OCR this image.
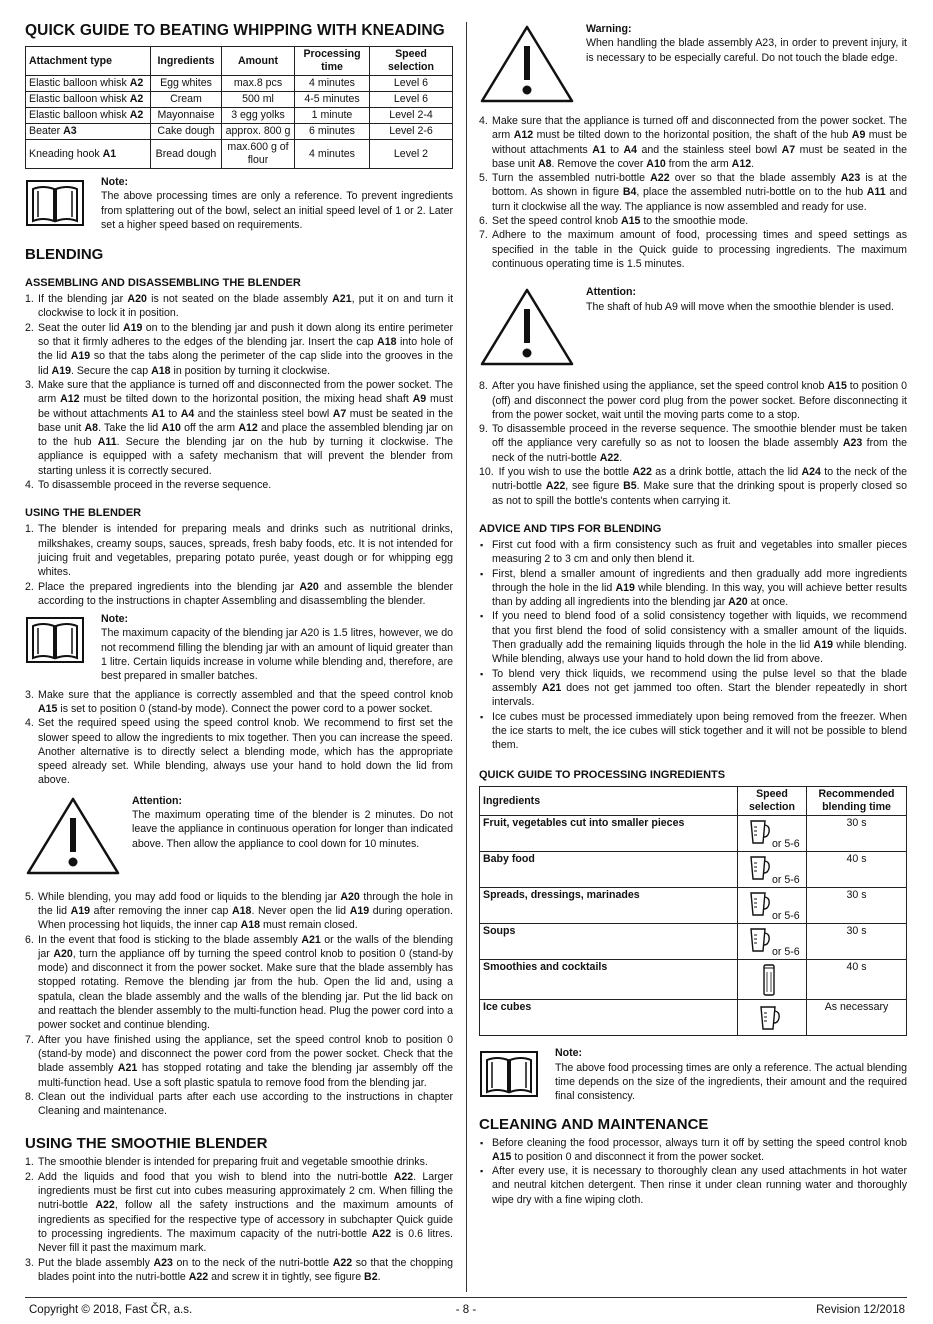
QUICK GUIDE TO BEATING WHIPPING WITH KNEADING
Attachment type	Ingredients	Amount	Processing time	Speed selection
Elastic balloon whisk A2	Egg whites	max.8 pcs	4 minutes	Level 6
Elastic balloon whisk A2	Cream	500 ml	4-5 minutes	Level 6
Elastic balloon whisk A2	Mayonnaise	3 egg yolks	1 minute	Level 2-4
Beater A3	Cake dough	approx. 800 g	6 minutes	Level 2-6
Kneading hook A1	Bread dough	max.600 g of flour	4 minutes	Level 2
Note:
The above processing times are only a reference. To prevent ingredients from splattering out of the bowl, select an initial speed level of 1 or 2. Later set a higher speed based on requirements.
BLENDING
ASSEMBLING AND DISASSEMBLING THE BLENDER
1. If the blending jar A20 is not seated on the blade assembly A21, put it on and turn it clockwise to lock it in position.
2. Seat the outer lid A19 on to the blending jar and push it down along its entire perimeter so that it firmly adheres to the edges of the blending jar. Insert the cap A18 into hole of the lid A19 so that the tabs along the perimeter of the cap slide into the grooves in the lid A19. Secure the cap A18 in position by turning it clockwise.
3. Make sure that the appliance is turned off and disconnected from the power socket. The arm A12 must be tilted down to the horizontal position, the mixing head shaft A9 must be without attachments A1 to A4 and the stainless steel bowl A7 must be seated in the base unit A8. Take the lid A10 off the arm A12 and place the assembled blending jar on to the hub A11. Secure the blending jar on the hub by turning it clockwise. The appliance is equipped with a safety mechanism that will prevent the blender from starting unless it is correctly secured.
4. To disassemble proceed in the reverse sequence.
USING THE BLENDER
1. The blender is intended for preparing meals and drinks such as nutritional drinks, milkshakes, creamy soups, sauces, spreads, fresh baby foods, etc. It is not intended for juicing fruit and vegetables, preparing potato purée, yeast dough or for whipping egg whites.
2. Place the prepared ingredients into the blending jar A20 and assemble the blender according to the instructions in chapter Assembling and disassembling the blender.
Note:
The maximum capacity of the blending jar A20 is 1.5 litres, however, we do not recommend filling the blending jar with an amount of liquid greater than 1 litre. Certain liquids increase in volume while blending and, therefore, are best prepared in smaller batches.
3. Make sure that the appliance is correctly assembled and that the speed control knob A15 is set to position 0 (stand-by mode). Connect the power cord to a power socket.
4. Set the required speed using the speed control knob. We recommend to first set the slower speed to allow the ingredients to mix together. Then you can increase the speed. Another alternative is to directly select a blending mode, which has the appropriate speed already set. While blending, always use your hand to hold down the lid from above.
Attention:
The maximum operating time of the blender is 2 minutes. Do not leave the appliance in continuous operation for longer than indicated above. Then allow the appliance to cool down for 10 minutes.
5. While blending, you may add food or liquids to the blending jar A20 through the hole in the lid A19 after removing the inner cap A18. Never open the lid A19 during operation. When processing hot liquids, the inner cap A18 must remain closed.
6. In the event that food is sticking to the blade assembly A21 or the walls of the blending jar A20, turn the appliance off by turning the speed control knob to position 0 (stand-by mode) and disconnect it from the power socket. Make sure that the blade assembly has stopped rotating. Remove the blending jar from the hub. Open the lid and, using a spatula, clean the blade assembly and the walls of the blending jar. Put the lid back on and reattach the blender assembly to the multi-function head. Plug the power cord into a power socket and continue blending.
7. After you have finished using the appliance, set the speed control knob to position 0 (stand-by mode) and disconnect the power cord from the power socket. Check that the blade assembly A21 has stopped rotating and take the blending jar assembly off the multi-function head. Use a soft plastic spatula to remove food from the blending jar.
8. Clean out the individual parts after each use according to the instructions in chapter Cleaning and maintenance.
USING THE SMOOTHIE BLENDER
1. The smoothie blender is intended for preparing fruit and vegetable smoothie drinks.
2. Add the liquids and food that you wish to blend into the nutri-bottle A22. Larger ingredients must be first cut into cubes measuring approximately 2 cm. When filling the nutri-bottle A22, follow all the safety instructions and the maximum amounts of ingredients as specified for the respective type of accessory in subchapter Quick guide to processing ingredients. The maximum capacity of the nutri-bottle A22 is 0.6 litres. Never fill it past the maximum mark.
3. Put the blade assembly A23 on to the neck of the nutri-bottle A22 so that the chopping blades point into the nutri-bottle A22 and screw it in tightly, see figure B2.
Warning:
When handling the blade assembly A23, in order to prevent injury, it is necessary to be especially careful. Do not touch the blade edge.
4. Make sure that the appliance is turned off and disconnected from the power socket. The arm A12 must be tilted down to the horizontal position, the shaft of the hub A9 must be without attachments A1 to A4 and the stainless steel bowl A7 must be seated in the base unit A8. Remove the cover A10 from the arm A12.
5. Turn the assembled nutri-bottle A22 over so that the blade assembly A23 is at the bottom. As shown in figure B4, place the assembled nutri-bottle on to the hub A11 and turn it clockwise all the way. The appliance is now assembled and ready for use.
6. Set the speed control knob A15 to the smoothie mode.
7. Adhere to the maximum amount of food, processing times and speed settings as specified in the table in the Quick guide to processing ingredients. The maximum continuous operating time is 1.5 minutes.
Attention:
The shaft of hub A9 will move when the smoothie blender is used.
8. After you have finished using the appliance, set the speed control knob A15 to position 0 (off) and disconnect the power cord plug from the power socket. Before disconnecting it from the power socket, wait until the moving parts come to a stop.
9. To disassemble proceed in the reverse sequence. The smoothie blender must be taken off the appliance very carefully so as not to loosen the blade assembly A23 from the neck of the nutri-bottle A22.
10.
If you wish to use the bottle A22 as a drink bottle, attach the lid A24 to the neck of the nutri-bottle A22, see figure B5. Make sure that the drinking spout is properly closed so as not to spill the bottle's contents when carrying it.
ADVICE AND TIPS FOR BLENDING
▪ First cut food with a firm consistency such as fruit and vegetables into smaller pieces measuring 2 to 3 cm and only then blend it.
▪ First, blend a smaller amount of ingredients and then gradually add more ingredients through the hole in the lid A19 while blending. In this way, you will achieve better results than by adding all ingredients into the blending jar A20 at once.
▪ If you need to blend food of a solid consistency together with liquids, we recommend that you first blend the food of solid consistency with a smaller amount of the liquids. Then gradually add the remaining liquids through the hole in the lid A19 while blending. While blending, always use your hand to hold down the lid from above.
▪ To blend very thick liquids, we recommend using the pulse level so that the blade assembly A21 does not get jammed too often. Start the blender repeatedly in short intervals.
▪ Ice cubes must be processed immediately upon being removed from the freezer. When the ice starts to melt, the ice cubes will stick together and it will not be possible to blend them.
QUICK GUIDE TO PROCESSING INGREDIENTS
Ingredients	Speed selection	Recommended blending time
Fruit, vegetables cut into smaller pieces	or 5-6	30 s
Baby food	or 5-6	40 s
Spreads, dressings, marinades	or 5-6	30 s
Soups	or 5-6	30 s
Smoothies and cocktails		40 s
Ice cubes		As necessary
Note:
The above food processing times are only a reference. The actual blending time depends on the size of the ingredients, their amount and the required final consistency.
CLEANING AND MAINTENANCE
▪ Before cleaning the food processor, always turn it off by setting the speed control knob A15 to position 0 and disconnect it from the power socket.
▪ After every use, it is necessary to thoroughly clean any used attachments in hot water and neutral kitchen detergent. Then rinse it under clean running water and thoroughly wipe dry with a fine wiping cloth.
Copyright © 2018, Fast ČR, a.s.	- 8 -	Revision 12/2018
